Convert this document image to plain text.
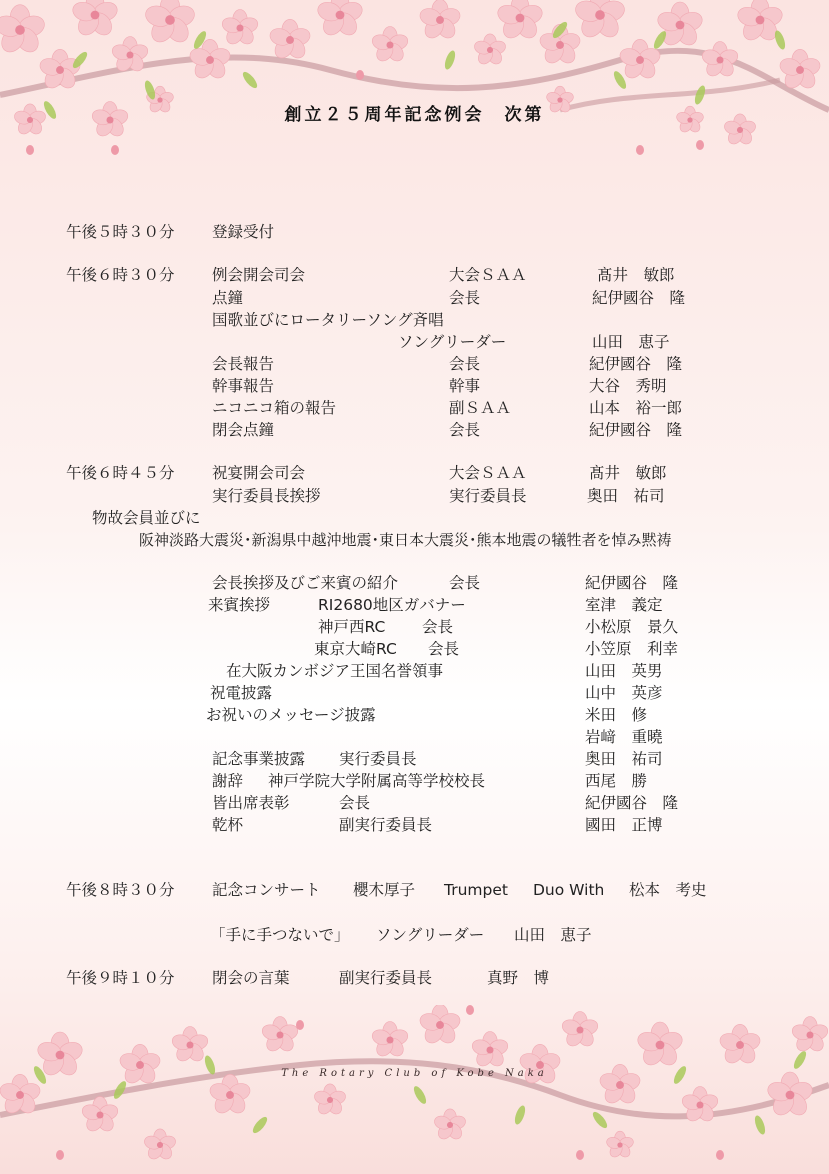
創立２５周年記念例会　次第
午後５時３０分 登録受付
午後６時３０分 例会開会司会	大会ＳＡＡ	髙井　敏郎
点鐘	会長	紀伊國谷　隆
国歌並びにロータリーソング斉唱
ソングリーダー	山田　恵子
会長報告	会長	紀伊國谷　隆
幹事報告	幹事	大谷　秀明
ニコニコ箱の報告	副ＳＡＡ	山本　裕一郎
閉会点鐘	会長	紀伊國谷　隆
午後６時４５分 祝宴開会司会	大会ＳＡＡ	髙井　敏郎
実行委員長挨拶	実行委員長	奥田　祐司
物故会員並びに
阪神淡路大震災･新潟県中越沖地震･東日本大震災･熊本地震の犠牲者を悼み黙祷
会長挨拶及びご来賓の紹介	会長	紀伊國谷　隆
来賓挨拶	RI2680地区ガバナー	室津　義定
神戸西RC 会長	小松原　景久
東京大崎RC 会長	小笠原　利幸
在大阪カンボジア王国名誉領事	山田　英男
祝電披露	山中　英彦
お祝いのメッセージ披露	米田　修
岩﨑　重曉
記念事業披露 実行委員長	奥田　祐司
謝辞 神戸学院大学附属高等学校校長	西尾　勝
皆出席表彰	会長	紀伊國谷　隆
乾杯	副実行委員長	國田　正博
午後８時３０分 記念コンサート 櫻木厚子 Trumpet Duo With 松本　考史
「手に手つないで」 ソングリーダー 山田　恵子
午後９時１０分 閉会の言葉	副実行委員長	真野　博
The Rotary Club of Kobe Naka
